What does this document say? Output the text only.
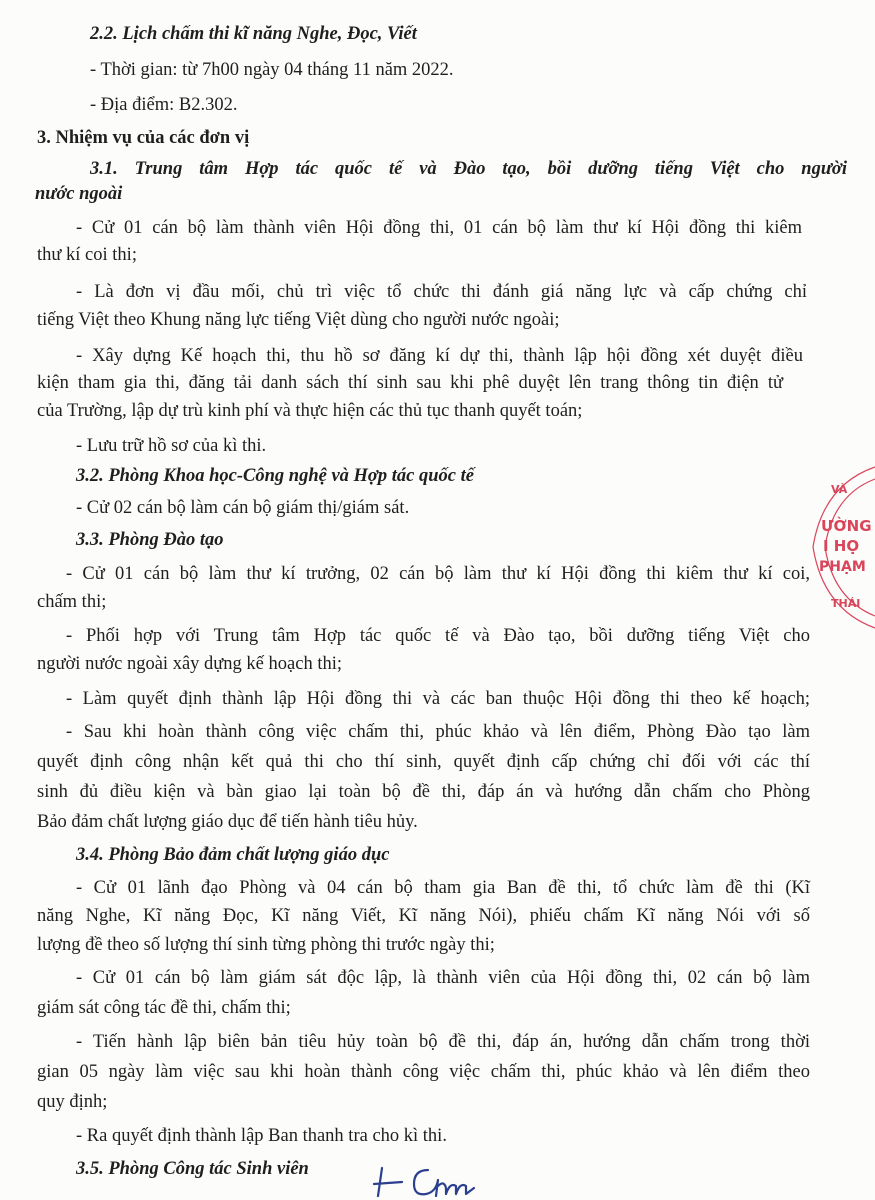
2.2. Lịch chấm thi kĩ năng Nghe, Đọc, Viết
- Thời gian: từ 7h00 ngày 04 tháng 11 năm 2022.
- Địa điểm: B2.302.
3. Nhiệm vụ của các đơn vị
3.1. Trung tâm Hợp tác quốc tế và Đào tạo, bồi dưỡng tiếng Việt cho người
nước ngoài
- Cử 01 cán bộ làm thành viên Hội đồng thi, 01 cán bộ làm thư kí Hội đồng thi kiêm
thư kí coi thi;
- Là đơn vị đầu mối, chủ trì việc tổ chức thi đánh giá năng lực và cấp chứng chỉ
tiếng Việt theo Khung năng lực tiếng Việt dùng cho người nước ngoài;
- Xây dựng Kế hoạch thi, thu hồ sơ đăng kí dự thi, thành lập hội đồng xét duyệt điều
kiện tham gia thi, đăng tải danh sách thí sinh sau khi phê duyệt lên trang thông tin điện tử
của Trường, lập dự trù kinh phí và thực hiện các thủ tục thanh quyết toán;
- Lưu trữ hồ sơ của kì thi.
3.2. Phòng Khoa học-Công nghệ và Hợp tác quốc tế
- Cử 02 cán bộ làm cán bộ giám thị/giám sát.
3.3. Phòng Đào tạo
- Cử 01 cán bộ làm thư kí trưởng, 02 cán bộ làm thư kí Hội đồng thi kiêm thư kí coi,
chấm thi;
- Phối hợp với Trung tâm Hợp tác quốc tế và Đào tạo, bồi dưỡng tiếng Việt cho
người nước ngoài xây dựng kế hoạch thi;
- Làm quyết định thành lập Hội đồng thi và các ban thuộc Hội đồng thi theo kế hoạch;
- Sau khi hoàn thành công việc chấm thi, phúc khảo và lên điểm, Phòng Đào tạo làm
quyết định công nhận kết quả thi cho thí sinh, quyết định cấp chứng chỉ đối với các thí
sinh đủ điều kiện và bàn giao lại toàn bộ đề thi, đáp án và hướng dẫn chấm cho Phòng
Bảo đảm chất lượng giáo dục để tiến hành tiêu hủy.
3.4. Phòng Bảo đảm chất lượng giáo dục
- Cử 01 lãnh đạo Phòng và 04 cán bộ tham gia Ban đề thi, tổ chức làm đề thi (Kĩ
năng Nghe, Kĩ năng Đọc, Kĩ năng Viết, Kĩ năng Nói), phiếu chấm Kĩ năng Nói với số
lượng đề theo số lượng thí sinh từng phòng thi trước ngày thi;
- Cử 01 cán bộ làm giám sát độc lập, là thành viên của Hội đồng thi, 02 cán bộ làm
giám sát công tác đề thi, chấm thi;
- Tiến hành lập biên bản tiêu hủy toàn bộ đề thi, đáp án, hướng dẫn chấm trong thời
gian 05 ngày làm việc sau khi hoàn thành công việc chấm thi, phúc khảo và lên điểm theo
quy định;
- Ra quyết định thành lập Ban thanh tra cho kì thi.
3.5. Phòng Công tác Sinh viên
VÀ
ƯỜNG
I HỌ
PHẠM
THÁI
